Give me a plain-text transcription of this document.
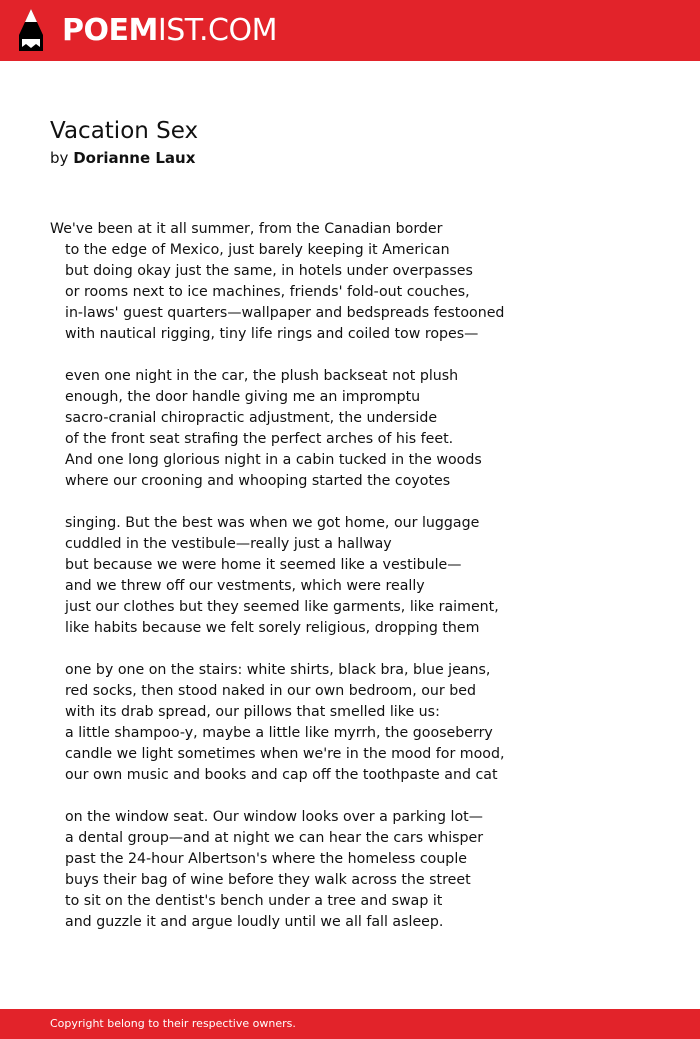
POEMIST.COM
Vacation Sex
by Dorianne Laux
We've been at it all summer, from the Canadian border
to the edge of Mexico, just barely keeping it American
but doing okay just the same, in hotels under overpasses
or rooms next to ice machines, friends' fold-out couches,
in-laws' guest quarters—wallpaper and bedspreads festooned
with nautical rigging, tiny life rings and coiled tow ropes—
even one night in the car, the plush backseat not plush
enough, the door handle giving me an impromptu
sacro-cranial chiropractic adjustment, the underside
of the front seat strafing the perfect arches of his feet.
And one long glorious night in a cabin tucked in the woods
where our crooning and whooping started the coyotes
singing. But the best was when we got home, our luggage
cuddled in the vestibule—really just a hallway
but because we were home it seemed like a vestibule—
and we threw off our vestments, which were really
just our clothes but they seemed like garments, like raiment,
like habits because we felt sorely religious, dropping them
one by one on the stairs: white shirts, black bra, blue jeans,
red socks, then stood naked in our own bedroom, our bed
with its drab spread, our pillows that smelled like us:
a little shampoo-y, maybe a little like myrrh, the gooseberry
candle we light sometimes when we're in the mood for mood,
our own music and books and cap off the toothpaste and cat
on the window seat. Our window looks over a parking lot—
a dental group—and at night we can hear the cars whisper
past the 24-hour Albertson's where the homeless couple
buys their bag of wine before they walk across the street
to sit on the dentist's bench under a tree and swap it
and guzzle it and argue loudly until we all fall asleep.
Copyright belong to their respective owners.
